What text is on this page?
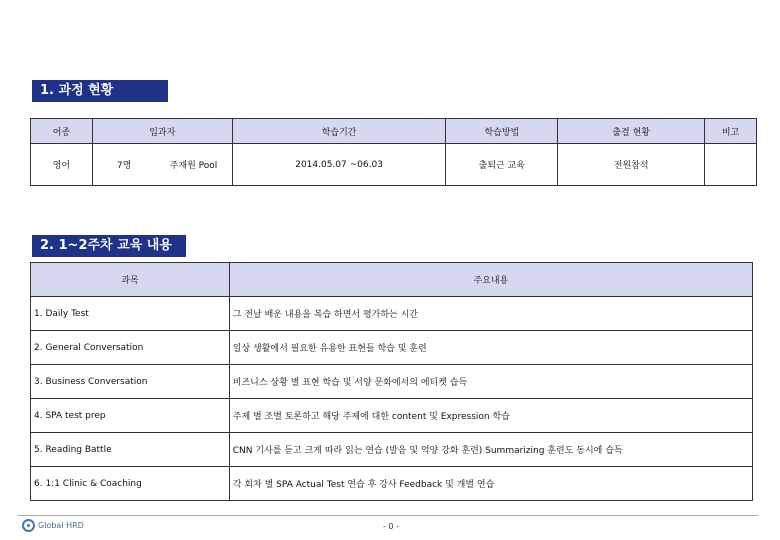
1. 과정 현황
어종	입과자		학습기간	학습방법	출결 현황	비고
영어	7명	주재원 Pool	2014.05.07 ~06.03	출퇴근 교육	전원참석	
2. 1~2주차 교육 내용
과목	주요내용
1. Daily Test	그 전날 배운 내용을 복습 하면서 평가하는 시간
2. General Conversation	일상 생활에서 필요한 유용한 표현들 학습 및 훈련
3. Business Conversation	비즈니스 상황 별 표현 학습 및 서양 문화에서의 에티켓 습득
4. SPA test prep	주제 별 조별 토론하고 해당 주제에 대한 content 및 Expression 학습
5. Reading Battle	CNN 기사를 듣고 크게 따라 읽는 연습 (발음 및 억양 강화 훈련) Summarizing 훈련도 동시에 습득
6. 1:1 Clinic & Coaching	각 회차 별 SPA Actual Test 연습 후 강사 Feedback 및 개별 연습
Global HRD	- 0 -
